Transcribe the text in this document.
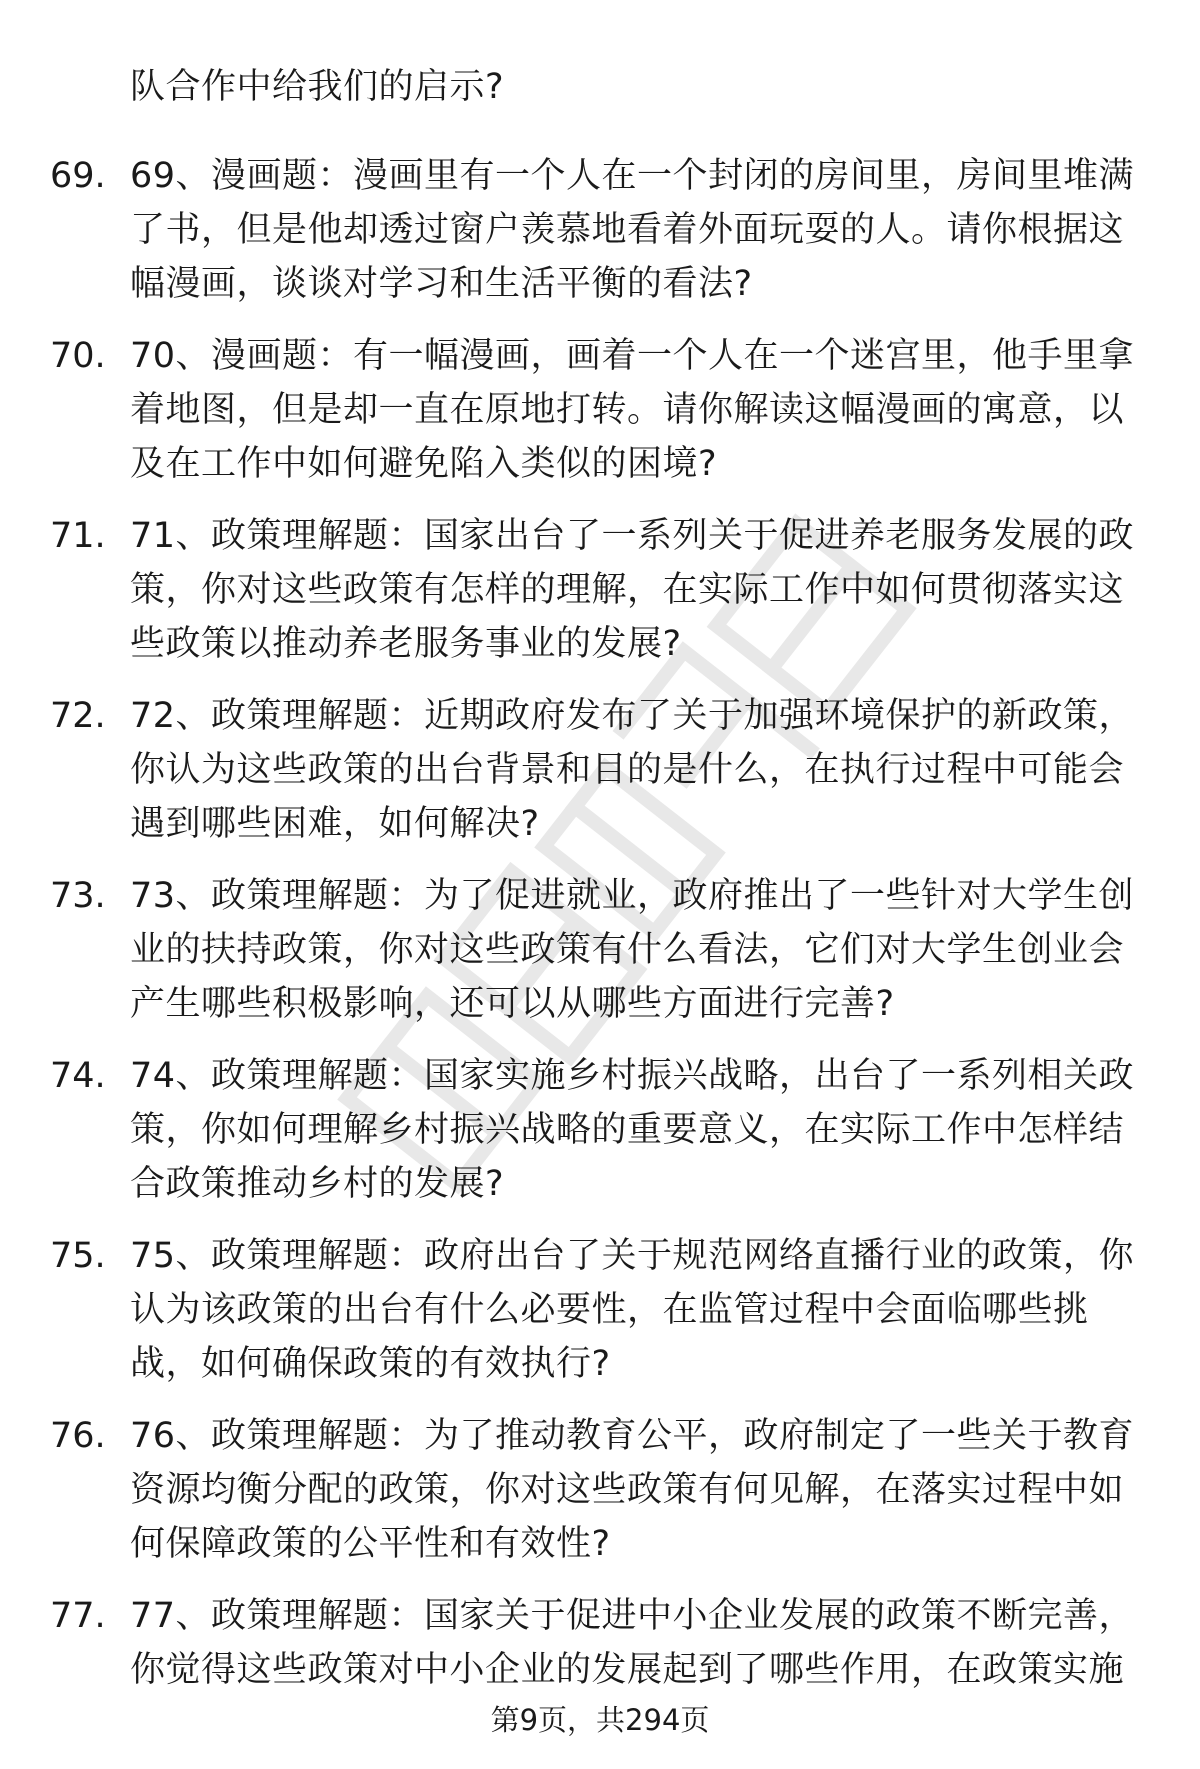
队合作中给我们的启示?
69. 69、漫画题：漫画里有一个人在一个封闭的房间里，房间里堆满了书，但是他却透过窗户羡慕地看着外面玩耍的人。请你根据这幅漫画，谈谈对学习和生活平衡的看法?
70. 70、漫画题：有一幅漫画，画着一个人在一个迷宫里，他手里拿着地图，但是却一直在原地打转。请你解读这幅漫画的寓意，以及在工作中如何避免陷入类似的困境?
71. 71、政策理解题：国家出台了一系列关于促进养老服务发展的政策，你对这些政策有怎样的理解，在实际工作中如何贯彻落实这些政策以推动养老服务事业的发展?
72. 72、政策理解题：近期政府发布了关于加强环境保护的新政策，你认为这些政策的出台背景和目的是什么，在执行过程中可能会遇到哪些困难，如何解决?
73. 73、政策理解题：为了促进就业，政府推出了一些针对大学生创业的扶持政策，你对这些政策有什么看法，它们对大学生创业会产生哪些积极影响，还可以从哪些方面进行完善?
74. 74、政策理解题：国家实施乡村振兴战略，出台了一系列相关政策，你如何理解乡村振兴战略的重要意义，在实际工作中怎样结合政策推动乡村的发展?
75. 75、政策理解题：政府出台了关于规范网络直播行业的政策，你认为该政策的出台有什么必要性，在监管过程中会面临哪些挑战，如何确保政策的有效执行?
76. 76、政策理解题：为了推动教育公平，政府制定了一些关于教育资源均衡分配的政策，你对这些政策有何见解，在落实过程中如何保障政策的公平性和有效性?
77. 77、政策理解题：国家关于促进中小企业发展的政策不断完善，你觉得这些政策对中小企业的发展起到了哪些作用，在政策实施
第9页，共294页
